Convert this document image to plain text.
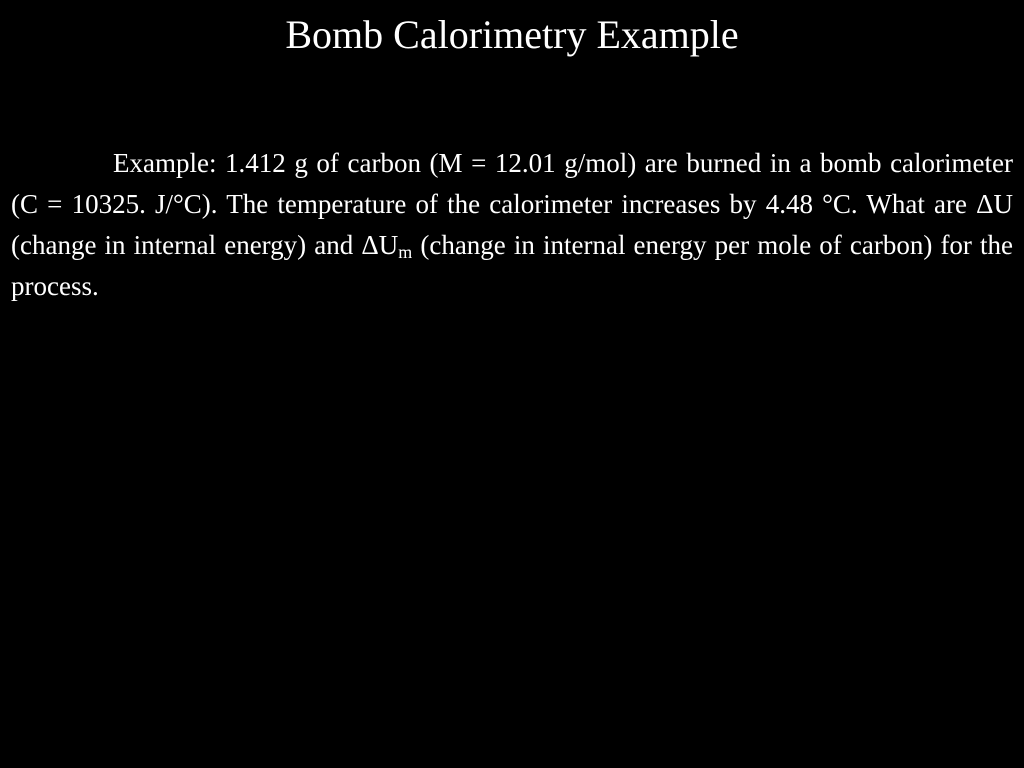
Bomb Calorimetry Example

Example: 1.412 g of carbon (M = 12.01 g/mol) are burned in a bomb calorimeter (C = 10325. J/°C). The temperature of the calorimeter increases by 4.48 °C. What are ΔU (change in internal energy) and $\Delta U_m$ (change in internal energy per mole of carbon) for the process.
